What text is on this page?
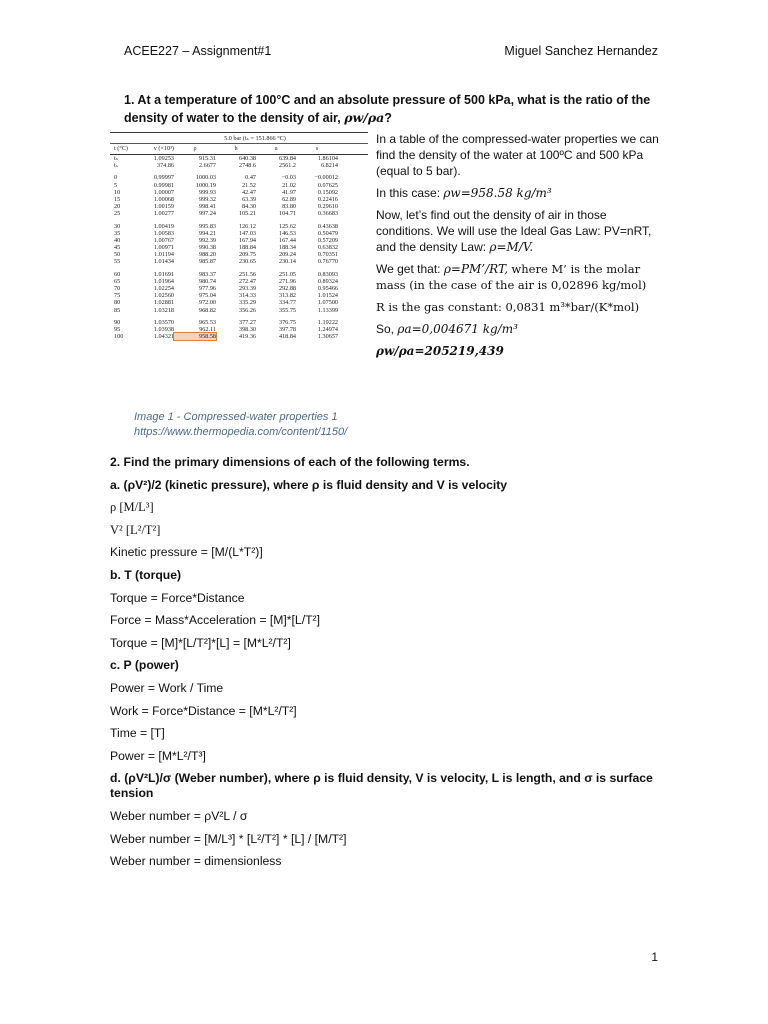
ACEE227 – Assignment#1	Miguel Sanchez Hernandez
1. At a temperature of 100°C and an absolute pressure of 500 kPa, what is the ratio of the density of water to the density of air, ρw/ρa?
5.0 bar (tₛ = 151.866 °C)
t (°C)	v (×10³)	ρ	h	u	s
tₛ	1.09253	915.31	640.38	639.84	1.86104
tₛ	374.86	2.6677	2748.6	2561.2	6.8214
0	0.99997	1000.03	0.47	−0.03	−0.00012
5	0.99981	1000.19	21.52	21.02	0.07625
10	1.00007	999.93	42.47	41.97	0.15092
15	1.00068	999.32	63.39	62.89	0.22416
20	1.00159	998.41	84.30	83.80	0.29610
25	1.00277	997.24	105.21	104.71	0.36683
30	1.00419	995.83	126.12	125.62	0.43638
35	1.00583	994.21	147.03	146.53	0.50479
40	1.00767	992.39	167.94	167.44	0.57209
45	1.00971	990.38	188.84	188.34	0.63832
50	1.01194	988.20	209.75	209.24	0.70351
55	1.01434	985.87	230.65	230.14	0.76770
60	1.01691	983.37	251.56	251.05	0.83093
65	1.01964	980.74	272.47	271.96	0.89324
70	1.02254	977.96	293.39	292.88	0.95466
75	1.02560	975.04	314.33	313.82	1.01524
80	1.02881	972.00	335.29	334.77	1.07500
85	1.03218	968.82	356.26	355.75	1.13399
90	1.03570	965.53	377.27	376.75	1.19222
95	1.03938	962.11	398.30	397.78	1.24974
100	1.04321	958.58	419.36	418.84	1.30657
Image 1 - Compressed-water properties 1
https://www.thermopedia.com/content/1150/

In a table of the compressed-water properties we can find the density of the water at 100ºC and 500 kPa (equal to 5 bar).

In this case: ρw=958.58 kg/m³

Now, let’s find out the density of air in those conditions. We will use the Ideal Gas Law: PV=nRT, and the density Law: ρ=M/V.

We get that: ρ=PM’/RT, where M’ is the molar mass (in the case of the air is 0,02896 kg/mol)

R is the gas constant: 0,0831 m³*bar/(K*mol)

So, ρa=0,004671 kg/m³

ρw/ρa=205219,439

2. Find the primary dimensions of each of the following terms.
a. (ρV²)/2 (kinetic pressure), where ρ is fluid density and V is velocity
ρ [M/L³]
V² [L²/T²]
Kinetic pressure = [M/(L*T²)]
b. T (torque)
Torque = Force*Distance
Force = Mass*Acceleration = [M]*[L/T²]
Torque = [M]*[L/T²]*[L] = [M*L²/T²]
c. P (power)
Power = Work / Time
Work = Force*Distance = [M*L²/T²]
Time = [T]
Power = [M*L²/T³]
d. (ρV²L)/σ (Weber number), where ρ is fluid density, V is velocity, L is length, and σ is surface tension
Weber number = ρV²L / σ
Weber number = [M/L³] * [L²/T²] * [L] / [M/T²]
Weber number = dimensionless
1
